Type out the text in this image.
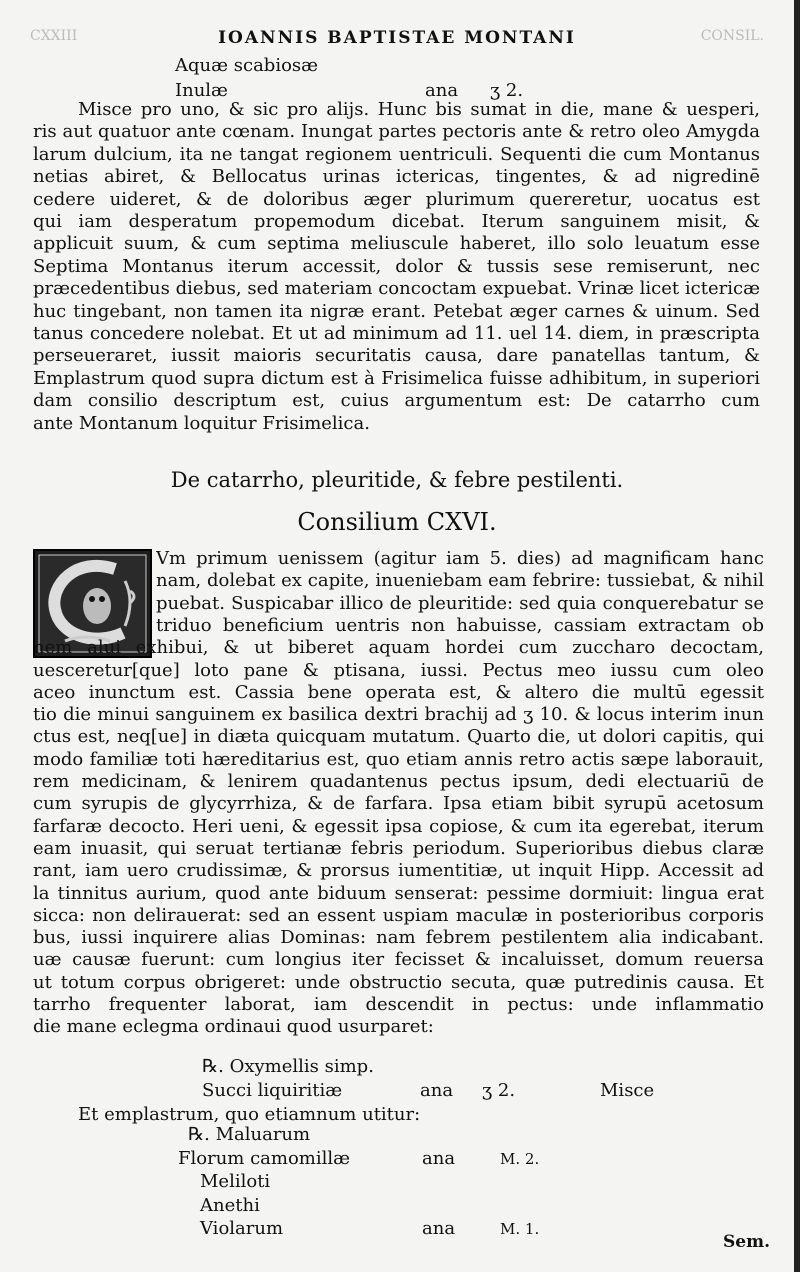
CXXIII	CONSIL.
IOANNIS BAPTISTAE MONTANI
Aquæ scabiosæ
Inulæ	ana ʒ 2.
Misce pro uno, & sic pro alijs. Hunc bis sumat in die, mane & uesperi,
ris aut quatuor ante cœnam. Inungat partes pectoris ante & retro oleo Amygda
larum dulcium, ita ne tangat regionem uentriculi. Sequenti die cum Montanus
netias abiret, & Bellocatus urinas ictericas, tingentes, & ad nigredinē
cedere uideret, & de doloribus æger plurimum quereretur, uocatus est
qui iam desperatum propemodum dicebat. Iterum sanguinem misit, &
applicuit suum, & cum septima meliuscule haberet, illo solo leuatum esse
Septima Montanus iterum accessit, dolor & tussis sese remiserunt, nec
præcedentibus diebus, sed materiam concoctam expuebat. Vrinæ licet ictericæ
huc tingebant, non tamen ita nigræ erant. Petebat æger carnes & uinum. Sed
tanus concedere nolebat. Et ut ad minimum ad 11. uel 14. diem, in præscripta
perseueraret, iussit maioris securitatis causa, dare panatellas tantum, &
Emplastrum quod supra dictum est à Frisimelica fuisse adhibitum, in superiori
dam consilio descriptum est, cuius argumentum est: De catarrho cum
ante Montanum loquitur Frisimelica.
De catarrho, pleuritide, & febre pestilenti.
Consilium CXVI.
Vm primum uenissem (agitur iam 5. dies) ad magnificam hanc
nam, dolebat ex capite, inueniebam eam febrire: tussiebat, & nihil
puebat. Suspicabar illico de pleuritide: sed quia conquerebatur se
triduo beneficium uentris non habuisse, cassiam extractam ob
nem alui exhibui, & ut biberet aquam hordei cum zuccharo decoctam,
uesceretur[que] loto pane & ptisana, iussi. Pectus meo iussu cum oleo
aceo inunctum est. Cassia bene operata est, & altero die multū egessit
tio die minui sanguinem ex basilica dextri brachij ad ʒ 10. & locus interim inun
ctus est, neq[ue] in diæta quicquam mutatum. Quarto die, ut dolori capitis, qui
modo familiæ toti hæreditarius est, quo etiam annis retro actis sæpe laborauit,
rem medicinam, & lenirem quadantenus pectus ipsum, dedi electuariū de
cum syrupis de glycyrrhiza, & de farfara. Ipsa etiam bibit syrupū acetosum
farfaræ decocto. Heri ueni, & egessit ipsa copiose, & cum ita egerebat, iterum
eam inuasit, qui seruat tertianæ febris periodum. Superioribus diebus claræ
rant, iam uero crudissimæ, & prorsus iumentitiæ, ut inquit Hipp. Accessit ad
la tinnitus aurium, quod ante biduum senserat: pessime dormiuit: lingua erat
sicca: non delirauerat: sed an essent uspiam maculæ in posterioribus corporis
bus, iussi inquirere alias Dominas: nam febrem pestilentem alia indicabant.
uæ causæ fuerunt: cum longius iter fecisset & incaluisset, domum reuersa
ut totum corpus obrigeret: unde obstructio secuta, quæ putredinis causa. Et
tarrho frequenter laborat, iam descendit in pectus: unde inflammatio
die mane eclegma ordinaui quod usurparet:
℞. Oxymellis simp.
Succi liquiritiæ	ana ʒ 2.	Misce
Et emplastrum, quo etiamnum utitur:
℞. Maluarum
Florum camomillæ	ana	M. 2.
Meliloti
Anethi
Violarum	ana	M. 1.
Sem.
